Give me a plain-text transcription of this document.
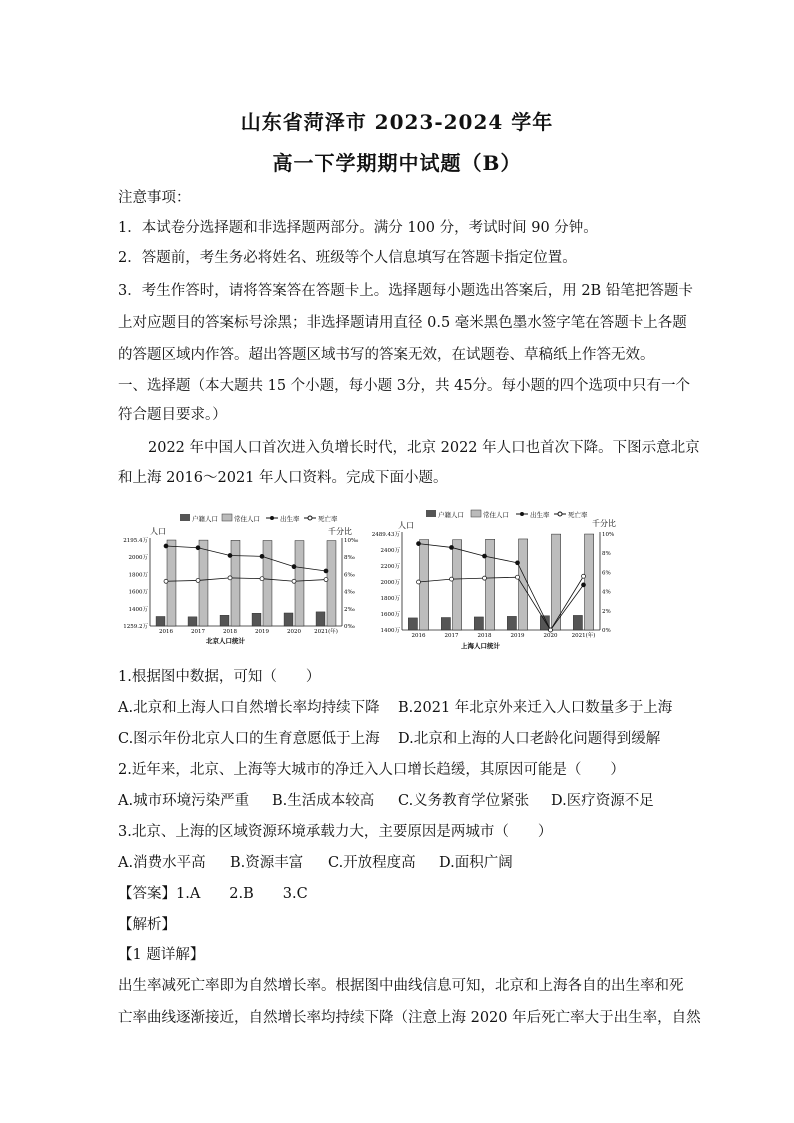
山东省菏泽市 2023-2024 学年
高一下学期期中试题（B）
注意事项：
1．本试卷分选择题和非选择题两部分。满分 100 分，考试时间 90 分钟。
2．答题前，考生务必将姓名、班级等个人信息填写在答题卡指定位置。
3．考生作答时，请将答案答在答题卡上。选择题每小题选出答案后，用 2B 铅笔把答题卡
上对应题目的答案标号涂黑；非选择题请用直径 0.5 毫米黑色墨水签字笔在答题卡上各题
的答题区域内作答。超出答题区域书写的答案无效，在试题卷、草稿纸上作答无效。
一、选择题（本大题共 15 个小题，每小题 3分，共 45分。每小题的四个选项中只有一个
符合题目要求。）
2022 年中国人口首次进入负增长时代，北京 2022 年人口也首次下降。下图示意北京
和上海 2016～2021 年人口资料。完成下面小题。
户籍人口 常住人口	出生率	死亡率
人口	千分比
2195.4万
2000万
1800万
1600万
1400万
1259.2万
10‰
8‰
6‰
4‰
2‰
0‰
2016	2017	2018	2019	2020 2021(年)
北京人口统计
户籍人口	常住人口	出生率	死亡率
人口	千分比
2489.43万
2400万
2200万
2000万
1800万
1600万
1400万
10%
8%
6%
4%
2%
0%
2016	2017	2018	2019	2020	2021(年)
上海人口统计
1.根据图中数据，可知（　　）
A.北京和上海人口自然增长率均持续下降 B.2021 年北京外来迁入人口数量多于上海
C.图示年份北京人口的生育意愿低于上海 D.北京和上海的人口老龄化问题得到缓解
2.近年来，北京、上海等大城市的净迁入人口增长趋缓，其原因可能是（　　）
A.城市环境污染严重 B.生活成本较高 C.义务教育学位紧张 D.医疗资源不足
3.北京、上海的区域资源环境承载力大，主要原因是两城市（　　）
A.消费水平高 B.资源丰富 C.开放程度高 D.面积广阔
【答案】1.A　　2.B　　3.C
【解析】
【1 题详解】
出生率减死亡率即为自然增长率。根据图中曲线信息可知，北京和上海各自的出生率和死
亡率曲线逐渐接近，自然增长率均持续下降（注意上海 2020 年后死亡率大于出生率，自然
